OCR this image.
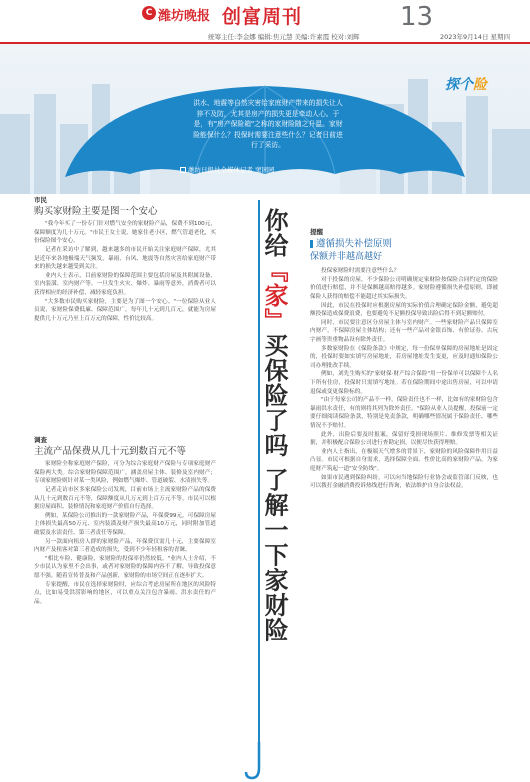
C 潍坊晚报 创富周刊	13
统筹主任:李金娜 编辑:焦元慧 美编:许素霞 校对:刘辉	2023年9月14日 星期四
探个险
洪水、地震等自然灾害给家庭财产带来的损失让人猝不及防，尤其是房产的损失更是牵动人心。于是，有"房产保险箱"之称的家财险随之升温。家财险能保什么？投保时需要注意些什么？记者日前进行了采访。
潍坊日报社全媒体记者 窦园园
市民
购买家财险主要是图一个安心

"我今年买了一份专门针对燃气安全的家财险产品，保费不到100元，保障额度为几十万元。"市民王女士说，她家住老小区，燃气管道老化，买份保险图个安心。

记者在采访中了解到，越来越多的市民开始关注家庭财产保障，尤其是近年来各地极端天气频发，暴雨、台风、地震等自然灾害给家庭财产带来的损失越来越受到关注。

业内人士表示，目前家财险的保障范围主要包括房屋及其附属设备、室内装潢、室内财产等。一旦发生火灾、爆炸、暴雨等意外，消费者可以获得相应的经济补偿，减轻家庭负担。

"大多数市民购买家财险，主要是为了图一个安心。"一位保险从业人员说，家财险保费低廉、保障范围广，每年几十元到几百元，就能为房屋提供几十万元乃至上百万元的保障，性价比较高。

调查
主流产品保费从几十元到数百元不等

家财险全称家庭财产保险，可分为综合家庭财产保险与专项家庭财产保险两大类。综合家财险保障范围广，涵盖房屋主体、装修及室内财产；专项家财险则针对某一类风险，例如燃气爆炸、管道破裂、水渍损失等。

记者走访市区多家保险公司发现，目前市场上主流家财险产品的保费从几十元到数百元不等，保障额度从几万元到上百万元不等。市民可以根据房屋面积、装修情况和家庭财产价值自行选择。

例如，某保险公司推出的一款家财险产品，年保费99元，可保障房屋主体损失最高50万元、室内装潢及财产损失最高10万元，同时附加管道破裂及水渍责任、第三者责任等保障。

另一款面向租房人群的家财险产品，年保费仅需几十元，主要保障室内财产及租客对第三者造成的损失，受到不少年轻租客的青睐。

"相比车险、健康险，家财险的投保率仍然较低。"业内人士介绍，不少市民认为家里不会出事，或者对家财险的保障内容不了解，导致投保意愿不强。随着宣传普及和产品创新，家财险的市场空间正在逐步扩大。

专家提醒，市民在选择家财险时，应综合考虑房屋所在地区的风险特点，比如易受洪涝影响的地区，可以重点关注包含暴雨、洪水责任的产品。

你给『家』买保险了吗 了解一下家财险
提醒
遵循损失补偿原则
保额并非越高越好

投保家财险时需要注意些什么？

对于投保的房屋，不少保险公司明确规定家财险按保险合同约定的保险价值进行赔偿，并不是保额越高赔得越多。家财险遵循损失补偿原则，即被保险人获得的赔偿不能超过其实际损失。

因此，市民在投保时应根据房屋的实际价值合理确定保险金额，避免超额投保造成保费浪费，也要避免不足额投保导致出险后得不到足额赔付。

同时，市民要注意区分房屋主体与室内财产。一些家财险产品只保障室内财产，不保障房屋主体结构；还有一些产品对金银首饰、有价证券、古玩字画等贵重物品设有除外责任。

多数家财险在《保险条款》中规定，每一份保单保障的房屋地址是固定的，投保时要如实填写房屋地址，若房屋地址发生变更，应及时通知保险公司办理批改手续。

例如，刘先生购买的"家财保·财产综合保险"用一份保单可以保障个人名下所有住房，投保时只需填写地址。若在保险期间中途出售房屋，可以申请退保或变更保险标的。

"由于每家公司的产品不一样，保险责任也不一样，比如有的家财险包含暴雨洪水责任，有的则将其列为除外责任。"保险从业人员提醒，投保前一定要仔细阅读保险条款，特别是免责条款，明确哪些情况属于保险责任、哪些情况不予赔付。

此外，出险后要及时报案，保留好受损现场照片、维修发票等相关证据，并积极配合保险公司进行查勘定损，以便尽快获得理赔。

业内人士指出，在极端天气增多的背景下，家财险的风险保障作用日益凸显。市民可根据自身需求，选择保障全面、性价比高的家财险产品，为家庭财产筑起一道"安全防线"。

如果市民遇到保险纠纷，可以向当地保险行业协会或监管部门反映，也可以拨打金融消费投诉热线进行咨询，依法维护自身合法权益。
